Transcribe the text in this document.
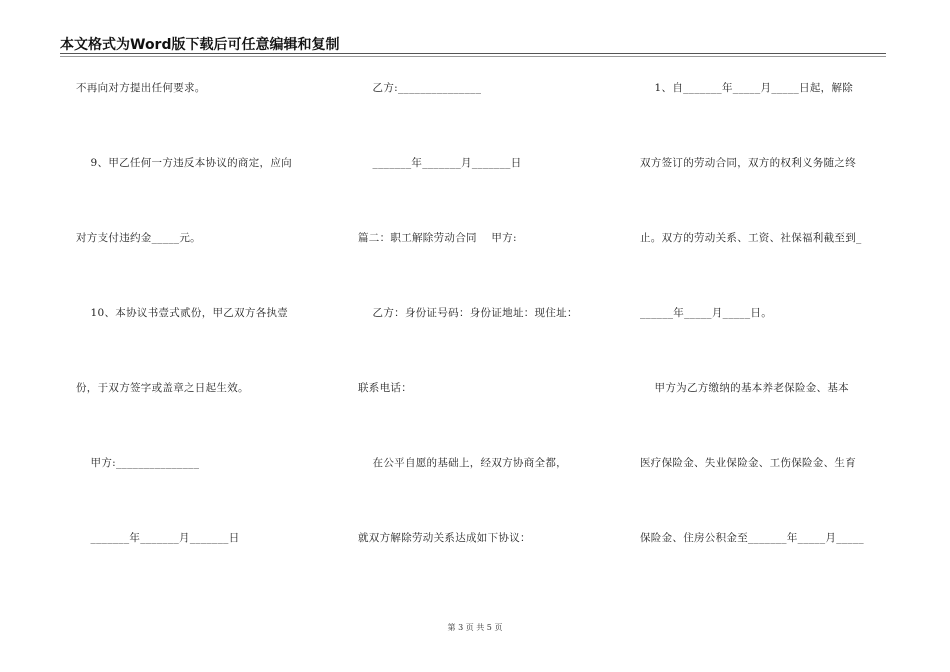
本文格式为Word版下载后可任意编辑和复制
不再向对方提出任何要求。
9、甲乙任何一方违反本协议的商定，应向
对方支付违约金_____元。
10、本协议书壹式贰份，甲乙双方各执壹
份，于双方签字或盖章之日起生效。
甲方:_______________
_______年_______月_______日
乙方:_______________
_______年_______月_______日
篇二：职工解除劳动合同    甲方:
乙方：身份证号码：身份证地址：现住址：
联系电话：
在公平自愿的基础上，经双方协商全都，
就双方解除劳动关系达成如下协议：
1、自_______年_____月_____日起，解除
双方签订的劳动合同，双方的权利义务随之终
止。双方的劳动关系、工资、社保福利截至到_
______年_____月_____日。
甲方为乙方缴纳的基本养老保险金、基本
医疗保险金、失业保险金、工伤保险金、生育
保险金、住房公积金至_______年_____月_____
第 3 页 共 5 页
